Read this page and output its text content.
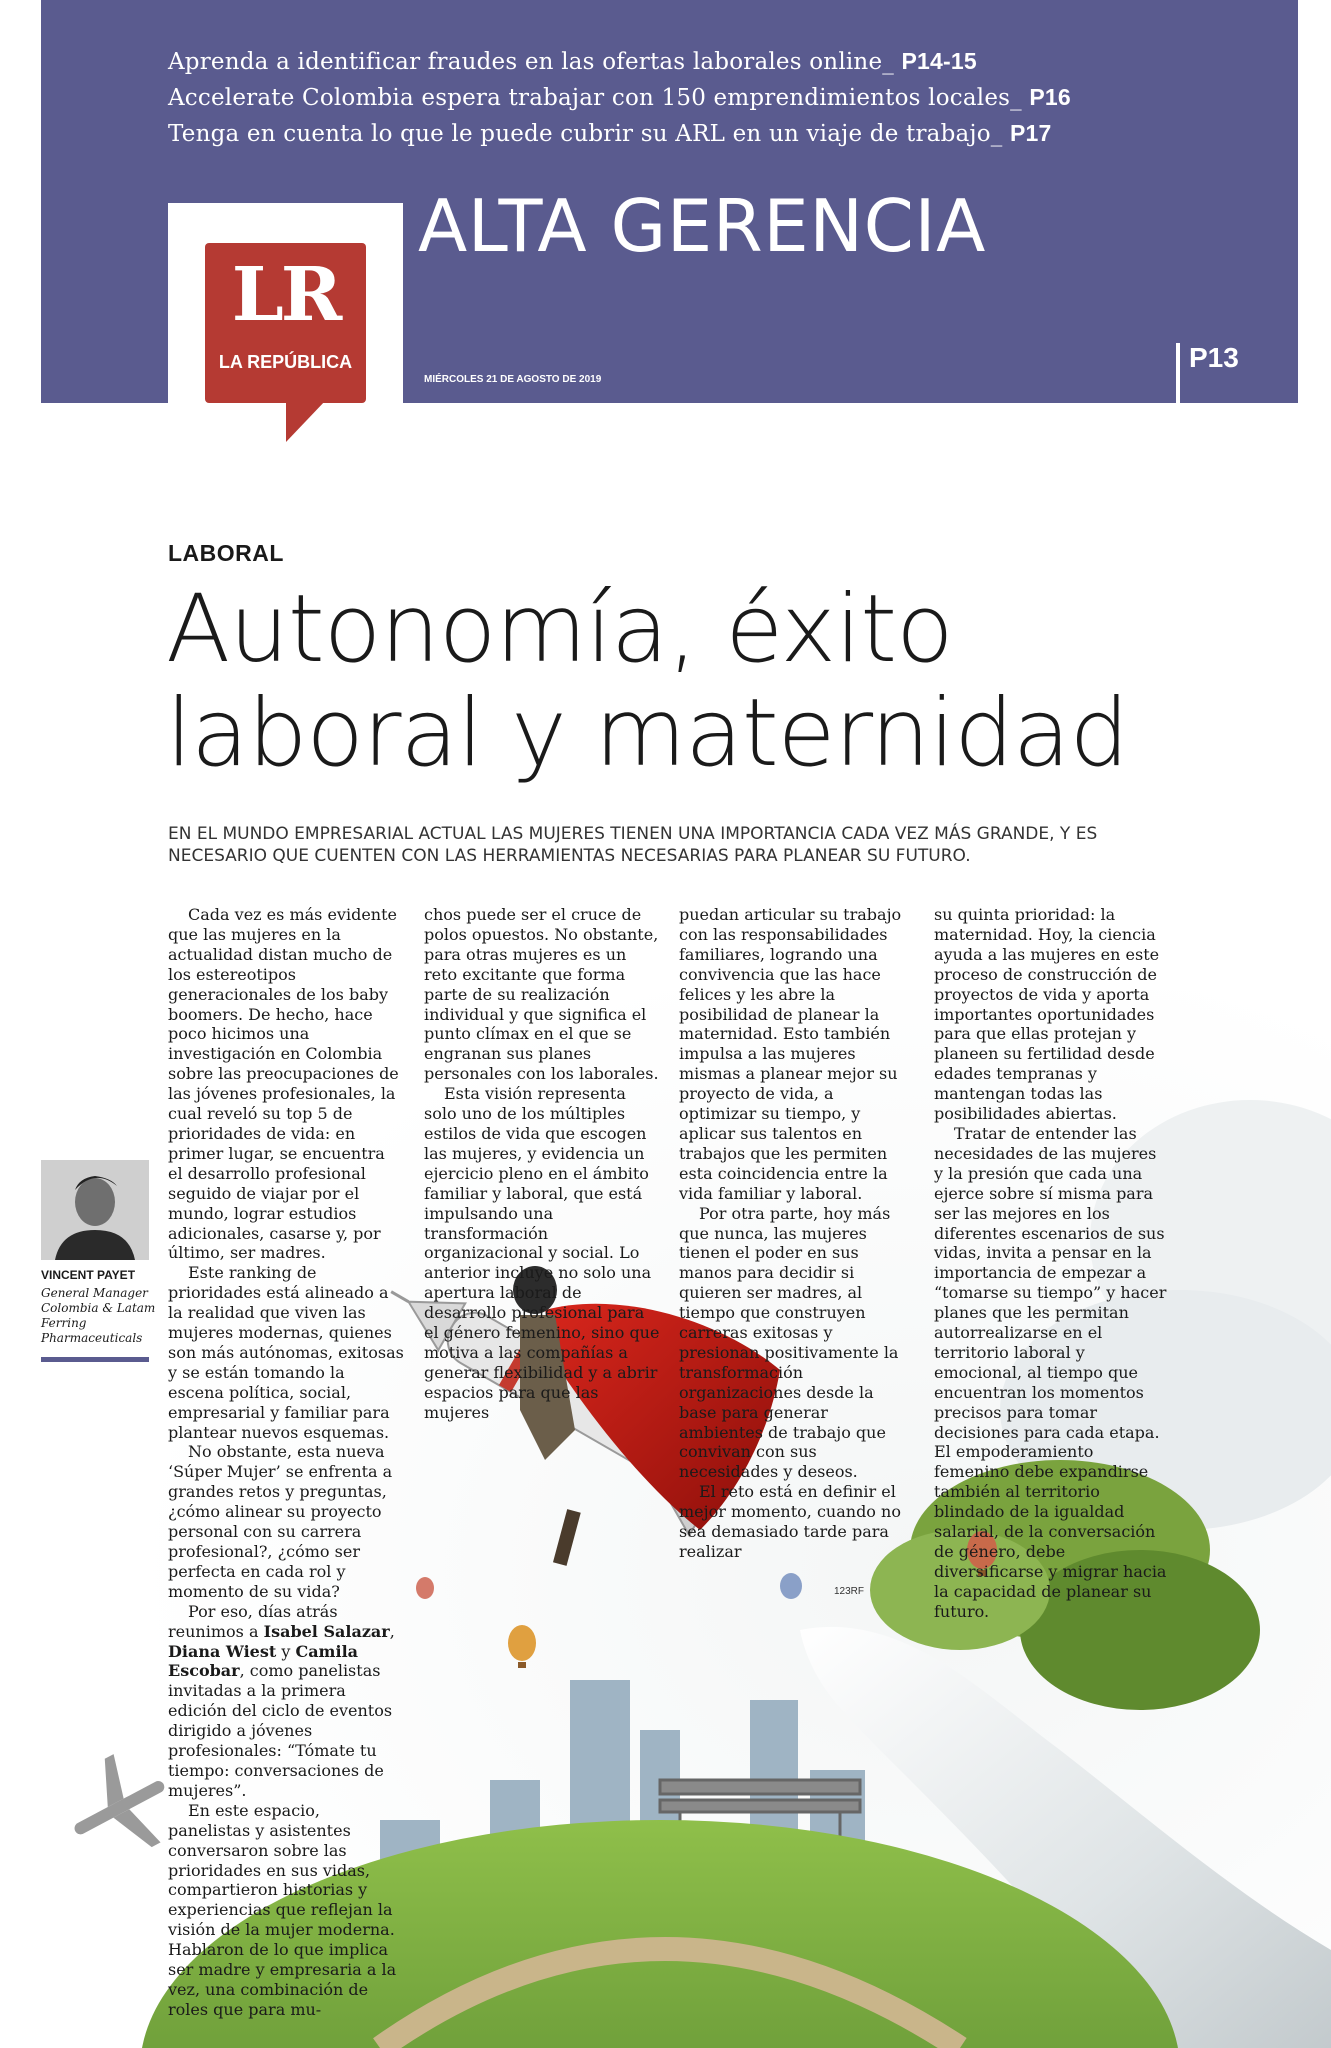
Aprenda a identificar fraudes en las ofertas laborales online_ P14-15
Accelerate Colombia espera trabajar con 150 emprendimientos locales_ P16
Tenga en cuenta lo que le puede cubrir su ARL en un viaje de trabajo_ P17
LR
LA REPÚBLICA
ALTA GERENCIA
MIÉRCOLES 21 DE AGOSTO DE 2019
P13
LABORAL
Autonomía, éxito
laboral y maternidad
EN EL MUNDO EMPRESARIAL ACTUAL LAS MUJERES TIENEN UNA IMPORTANCIA CADA VEZ MÁS GRANDE, Y ES NECESARIO QUE CUENTEN CON LAS HERRAMIENTAS NECESARIAS PARA PLANEAR SU FUTURO.
VINCENT PAYET
General Manager Colombia & Latam Ferring Pharmaceuticals

Cada vez es más evidente que las mujeres en la actualidad distan mucho de los estereotipos generacionales de los baby boomers. De hecho, hace poco hicimos una investigación en Colombia sobre las preocupaciones de las jóvenes profesionales, la cual reveló su top 5 de prioridades de vida: en primer lugar, se encuentra el desarrollo profesional seguido de viajar por el mundo, lograr estudios adicionales, casarse y, por último, ser madres.

Este ranking de prioridades está alineado a la realidad que viven las mujeres modernas, quienes son más autónomas, exitosas y se están tomando la escena política, social, empresarial y familiar para plantear nuevos esquemas.

No obstante, esta nueva ‘Súper Mujer’ se enfrenta a grandes retos y preguntas, ¿cómo alinear su proyecto personal con su carrera profesional?, ¿cómo ser perfecta en cada rol y momento de su vida?

Por eso, días atrás reunimos a Isabel Salazar, Diana Wiest y Camila Escobar, como panelistas invitadas a la primera edición del ciclo de eventos dirigido a jóvenes profesionales: “Tómate tu tiempo: conversaciones de mujeres”.

En este espacio, panelistas y asistentes conversaron sobre las prioridades en sus vidas, compartieron historias y experiencias que reflejan la visión de la mujer moderna. Hablaron de lo que implica ser madre y empresaria a la vez, una combinación de roles que para mu-

chos puede ser el cruce de polos opuestos. No obstante, para otras mujeres es un reto excitante que forma parte de su realización individual y que significa el punto clímax en el que se engranan sus planes personales con los laborales.

Esta visión representa solo uno de los múltiples estilos de vida que escogen las mujeres, y evidencia un ejercicio pleno en el ámbito familiar y laboral, que está impulsando una transformación organizacional y social. Lo anterior incluye no solo una apertura laboral de desarrollo profesional para el género femenino, sino que motiva a las compañías a generar flexibilidad y a abrir espacios para que las mujeres

puedan articular su trabajo con las responsabilidades familiares, logrando una convivencia que las hace felices y les abre la posibilidad de planear la maternidad. Esto también impulsa a las mujeres mismas a planear mejor su proyecto de vida, a optimizar su tiempo, y aplicar sus talentos en trabajos que les permiten esta coincidencia entre la vida familiar y laboral.

Por otra parte, hoy más que nunca, las mujeres tienen el poder en sus manos para decidir si quieren ser madres, al tiempo que construyen carreras exitosas y presionan positivamente la transformación organizaciones desde la base para generar ambientes de trabajo que convivan con sus necesidades y deseos.

El reto está en definir el mejor momento, cuando no sea demasiado tarde para realizar

su quinta prioridad: la maternidad. Hoy, la ciencia ayuda a las mujeres en este proceso de construcción de proyectos de vida y aporta importantes oportunidades para que ellas protejan y planeen su fertilidad desde edades tempranas y mantengan todas las posibilidades abiertas.

Tratar de entender las necesidades de las mujeres y la presión que cada una ejerce sobre sí misma para ser las mejores en los diferentes escenarios de sus vidas, invita a pensar en la importancia de empezar a “tomarse su tiempo” y hacer planes que les permitan autorrealizarse en el territorio laboral y emocional, al tiempo que encuentran los momentos precisos para tomar decisiones para cada etapa. El empoderamiento femenino debe expandirse también al territorio blindado de la igualdad salarial, de la conversación de género, debe diversificarse y migrar hacia la capacidad de planear su futuro.

123RF
